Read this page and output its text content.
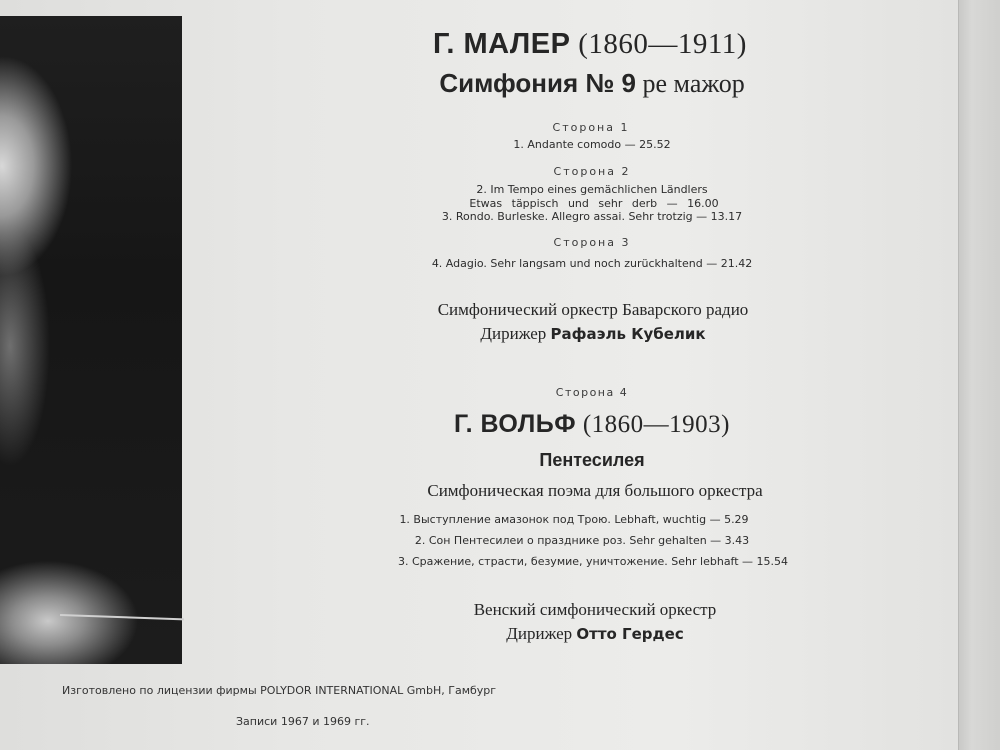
Г. МАЛЕР (1860—1911)
Симфония № 9 ре мажор
Сторона 1
1. Andante comodo — 25.52
Сторона 2
2. Im Tempo eines gemächlichen Ländlers
Etwas täppisch und sehr derb — 16.00
3. Rondo. Burleske. Allegro assai. Sehr trotzig — 13.17
Сторона 3
4. Adagio. Sehr langsam und noch zurückhaltend — 21.42
Симфонический оркестр Баварского радио
Дирижер Рафаэль Кубелик
Сторона 4
Г. ВОЛЬФ (1860—1903)
Пентесилея
Симфоническая поэма для большого оркестра
1. Выступление амазонок под Трою. Lebhaft, wuchtig — 5.29
2. Сон Пентесилеи о празднике роз. Sehr gehalten — 3.43
3. Сражение, страсти, безумие, уничтожение. Sehr lebhaft — 15.54
Венский симфонический оркестр
Дирижер Отто Гердес
Изготовлено по лицензии фирмы POLYDOR INTERNATIONAL GmbH, Гамбург
Записи 1967 и 1969 гг.
